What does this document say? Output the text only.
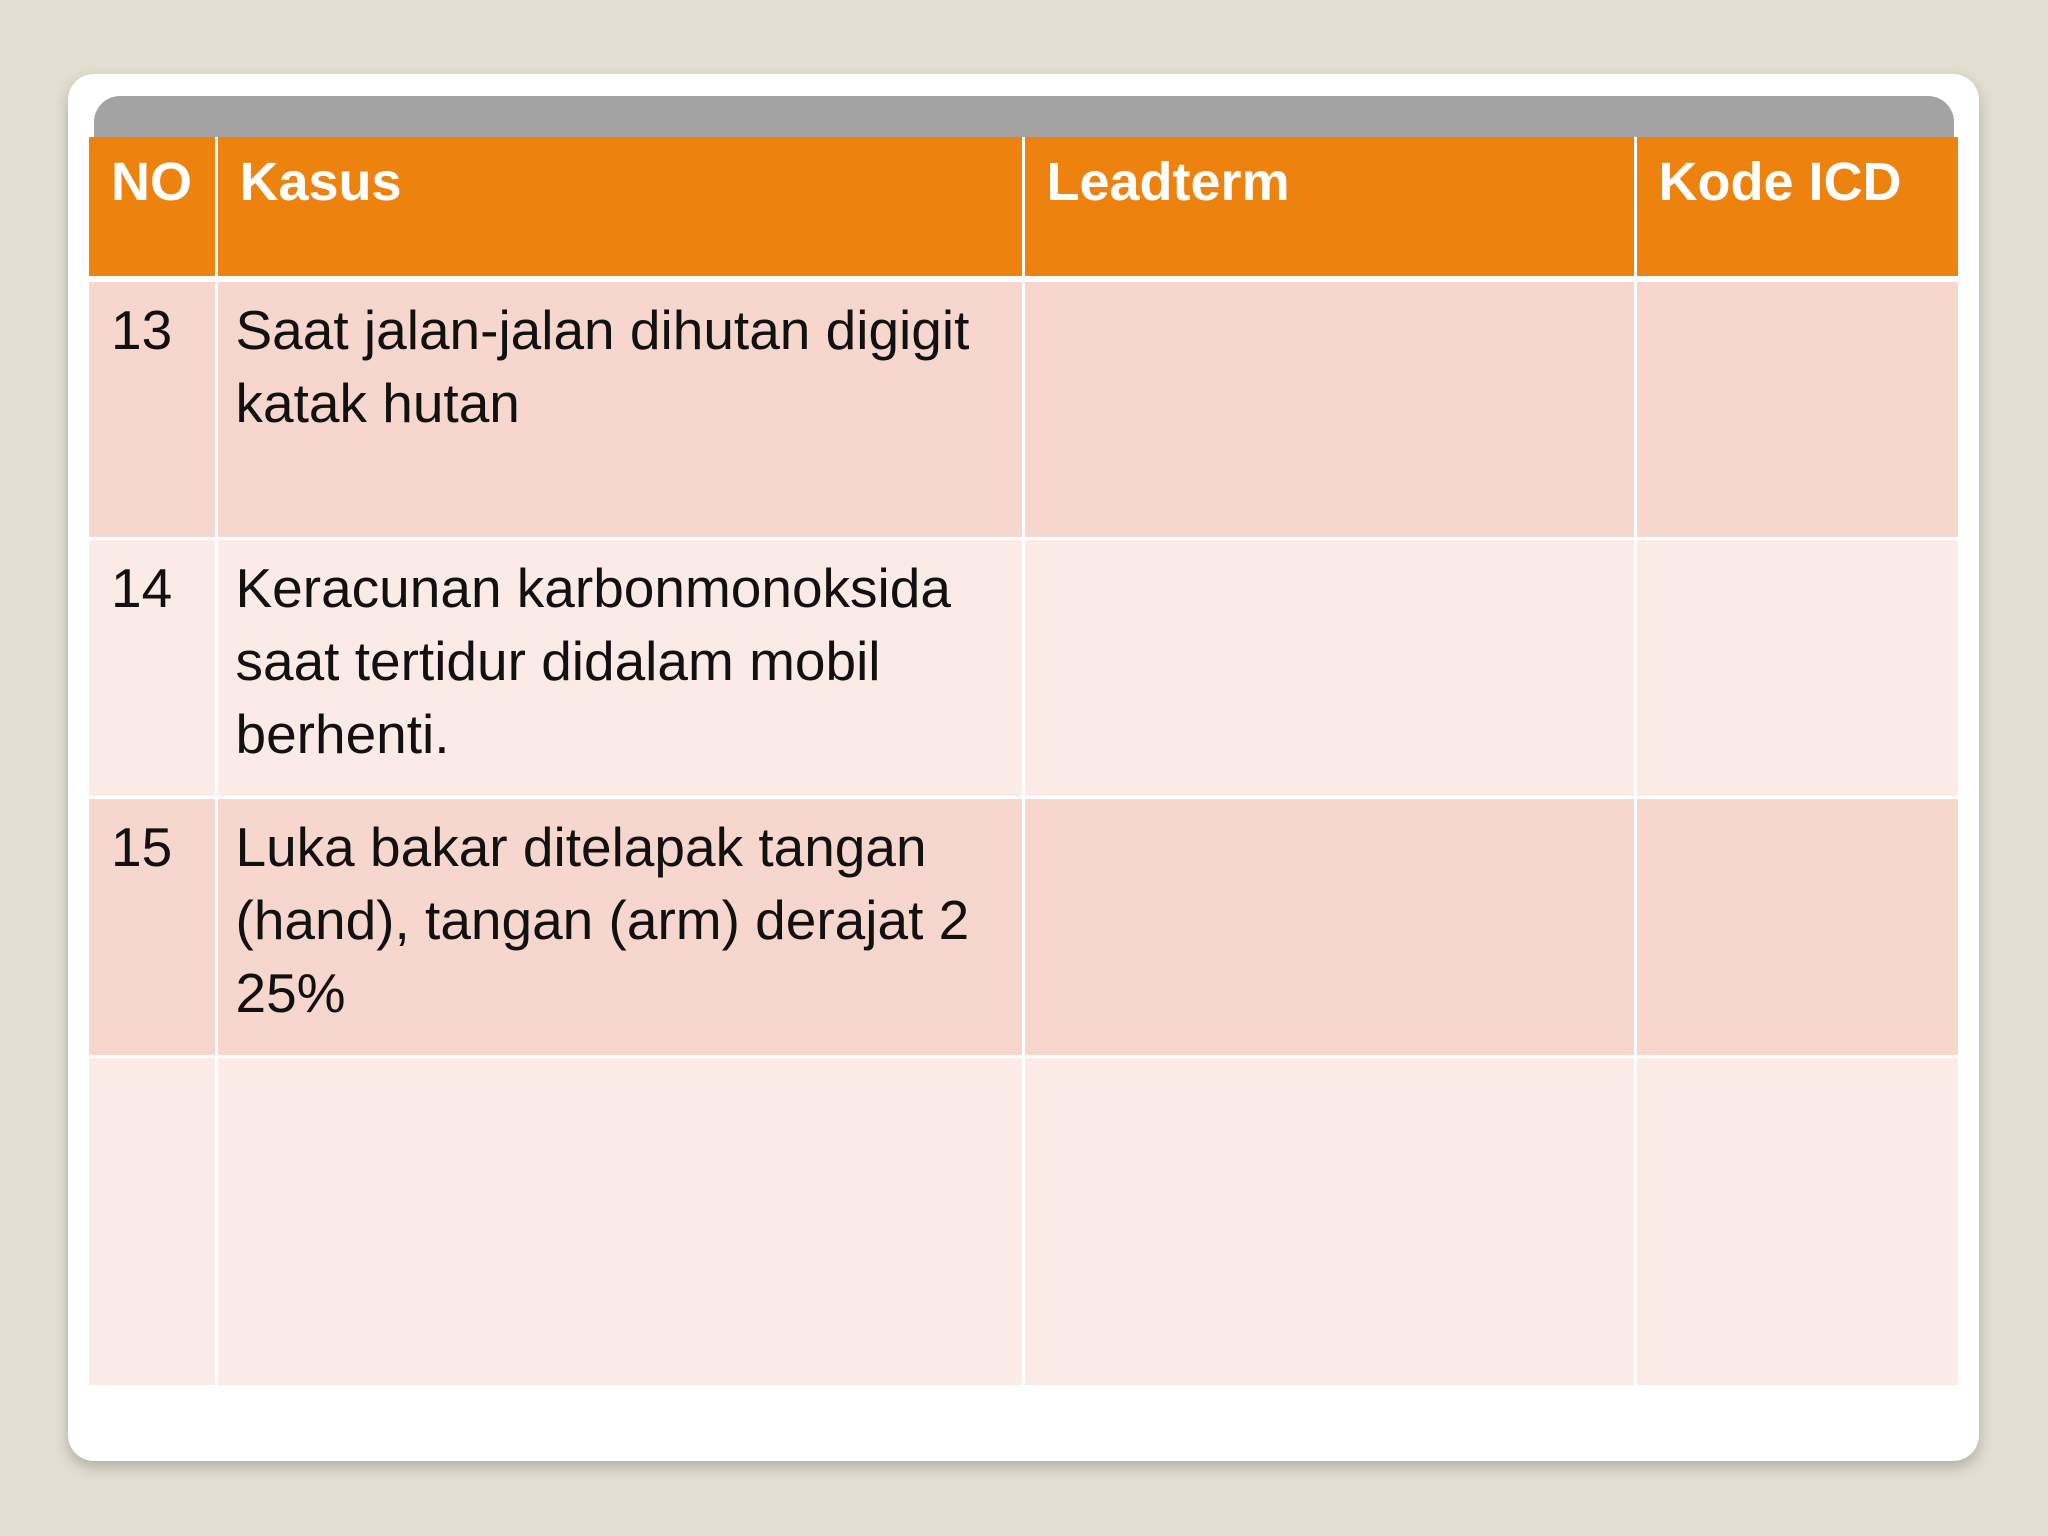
NO	Kasus	Leadterm	Kode ICD
13	Saat jalan-jalan dihutan digigit katak hutan		
14	Keracunan karbonmonoksida saat tertidur didalam mobil berhenti.		
15	Luka bakar ditelapak tangan (hand), tangan (arm) derajat 2 25%		
